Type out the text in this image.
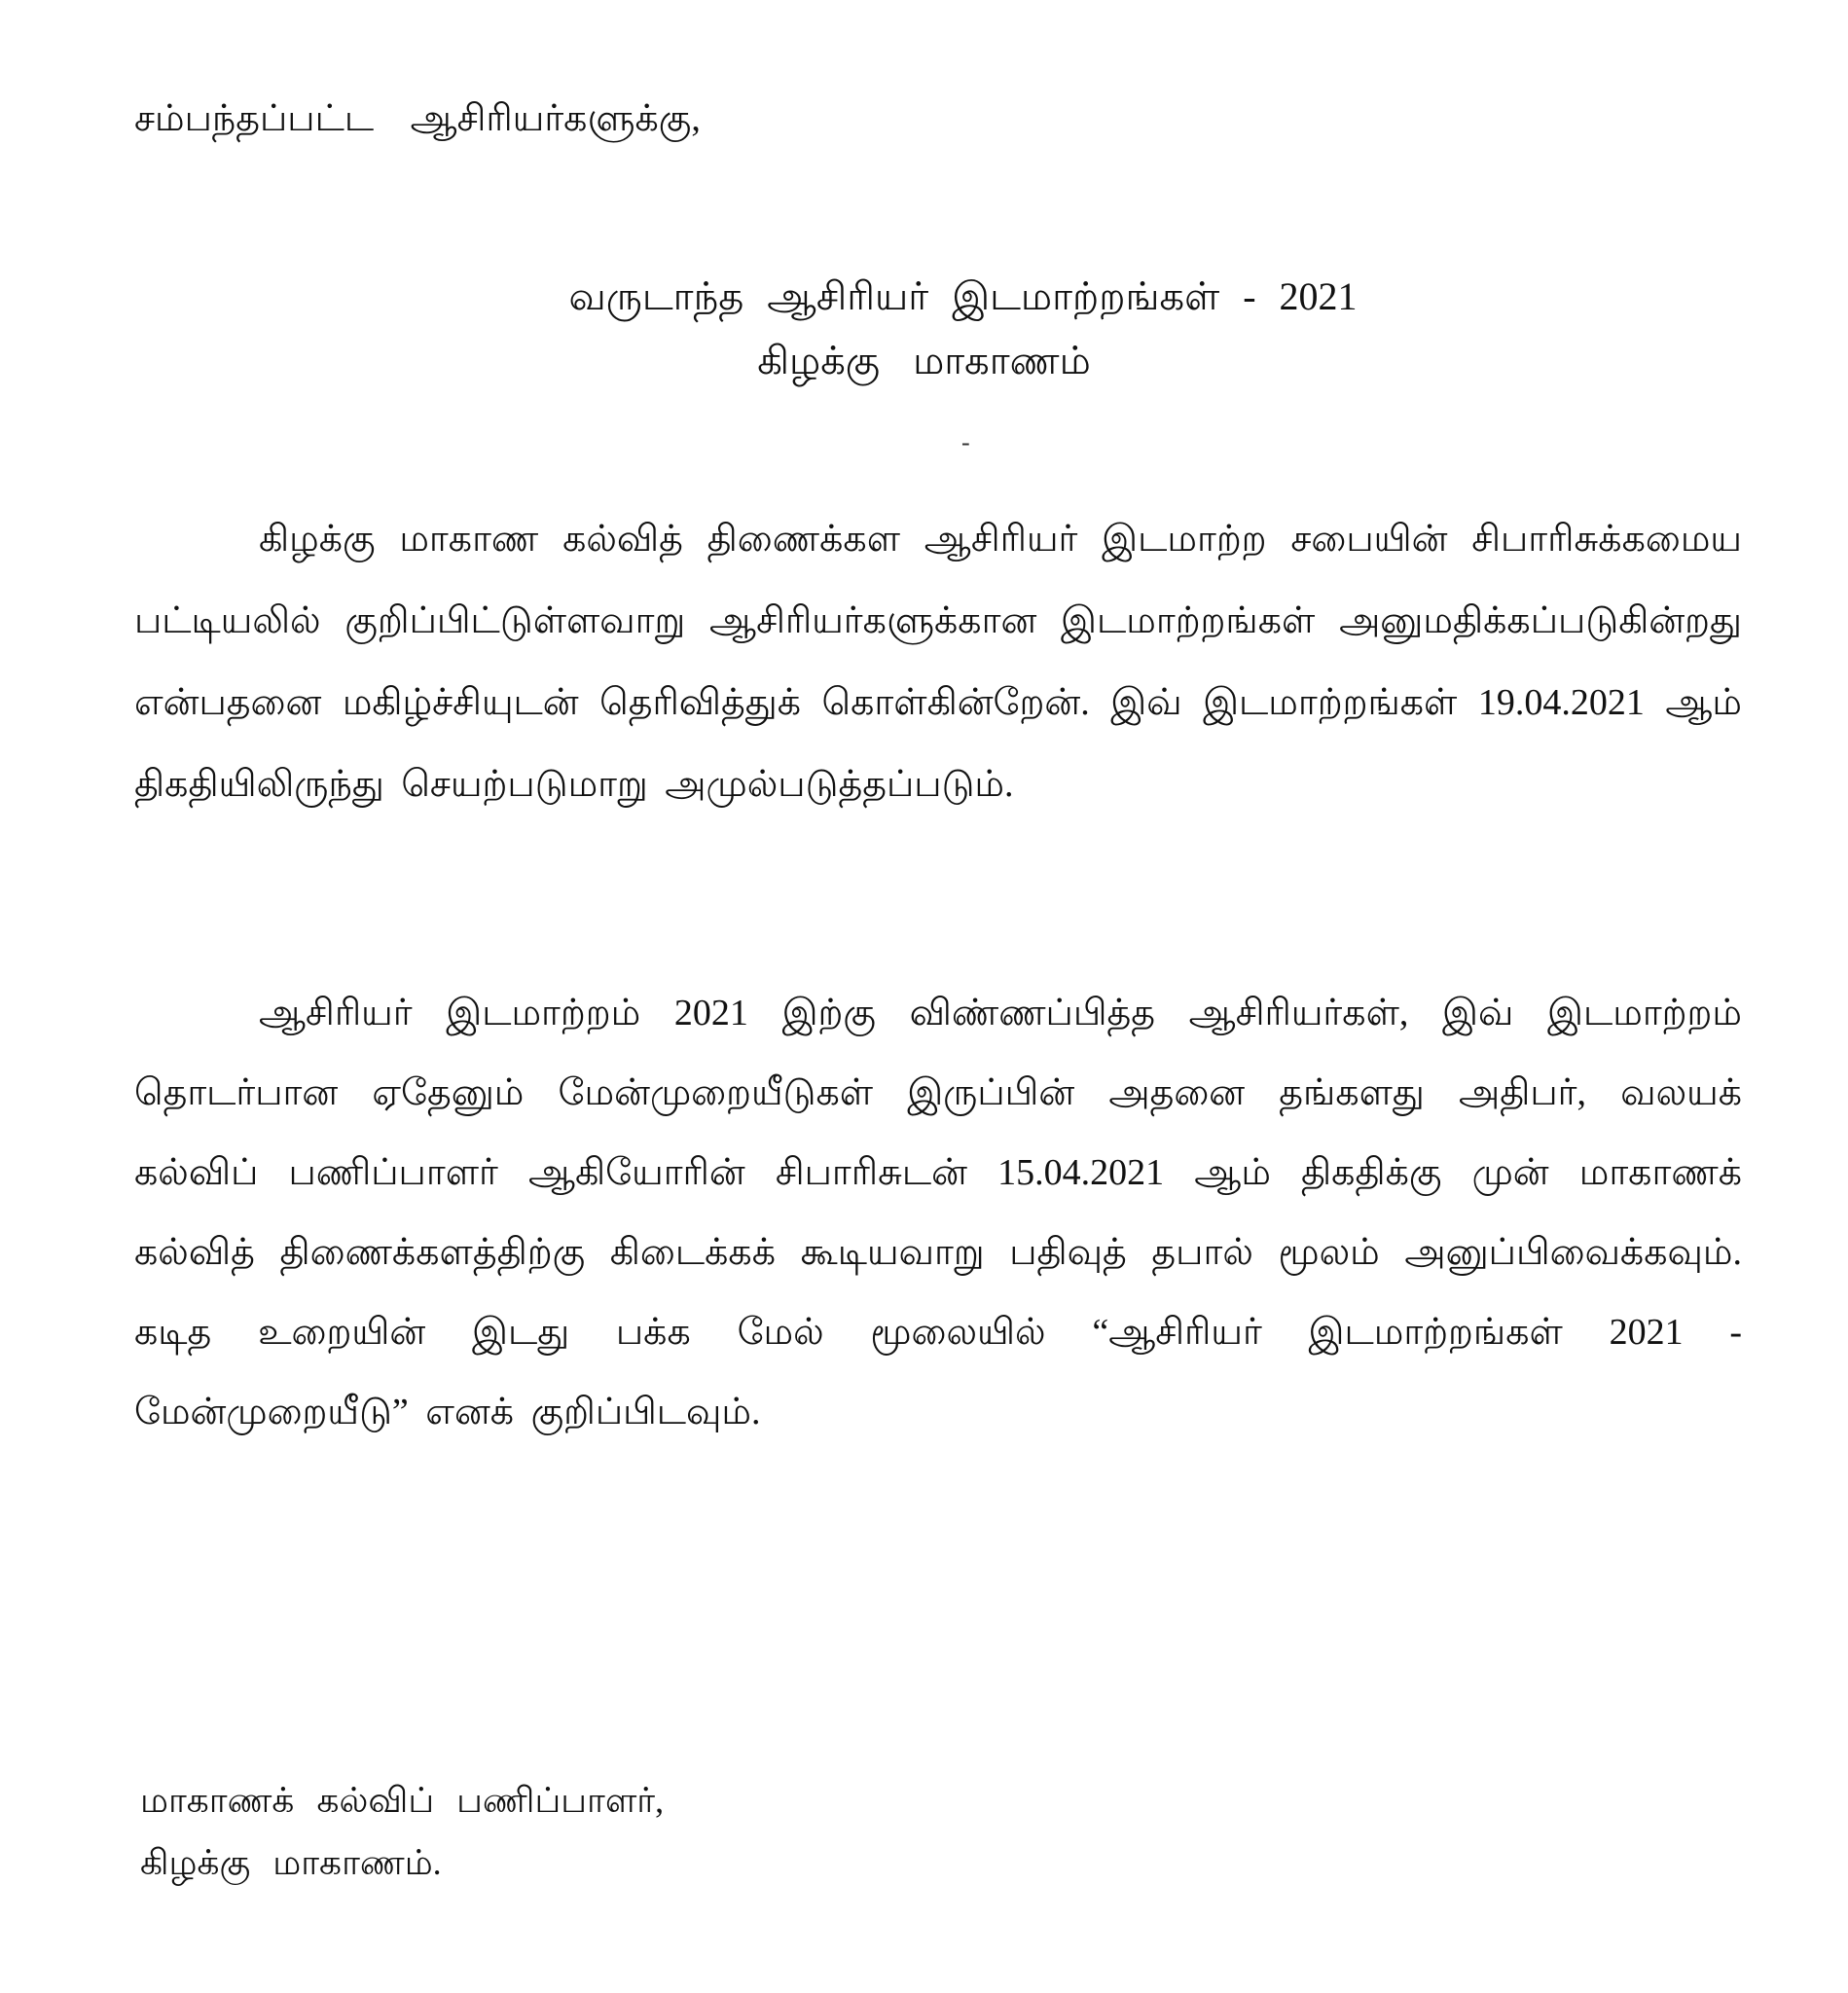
சம்பந்தப்பட்ட ஆசிரியர்களுக்கு,
வருடாந்த ஆசிரியர் இடமாற்றங்கள் - 2021
கிழக்கு மாகாணம்
-
கிழக்கு மாகாண கல்வித் திணைக்கள ஆசிரியர் இடமாற்ற சபையின் சிபாரிசுக்கமைய பட்டியலில் குறிப்பிட்டுள்ளவாறு ஆசிரியர்களுக்கான இடமாற்றங்கள் அனுமதிக்கப்படுகின்றது என்பதனை மகிழ்ச்சியுடன் தெரிவித்துக் கொள்கின்றேன். இவ் இடமாற்றங்கள் 19.04.2021 ஆம் திகதியிலிருந்து செயற்படுமாறு அமுல்படுத்தப்படும்.
ஆசிரியர் இடமாற்றம் 2021 இற்கு விண்ணப்பித்த ஆசிரியர்கள், இவ் இடமாற்றம் தொடர்பான ஏதேனும் மேன்முறையீடுகள் இருப்பின் அதனை தங்களது அதிபர், வலயக் கல்விப் பணிப்பாளர் ஆகியோரின் சிபாரிசுடன் 15.04.2021 ஆம் திகதிக்கு முன் மாகாணக் கல்வித் திணைக்களத்திற்கு கிடைக்கக் கூடியவாறு பதிவுத் தபால் மூலம் அனுப்பிவைக்கவும். கடித உறையின் இடது பக்க மேல் மூலையில் “ஆசிரியர் இடமாற்றங்கள் 2021 - மேன்முறையீடு” எனக் குறிப்பிடவும்.
மாகாணக் கல்விப் பணிப்பாளர்,
கிழக்கு மாகாணம்.
